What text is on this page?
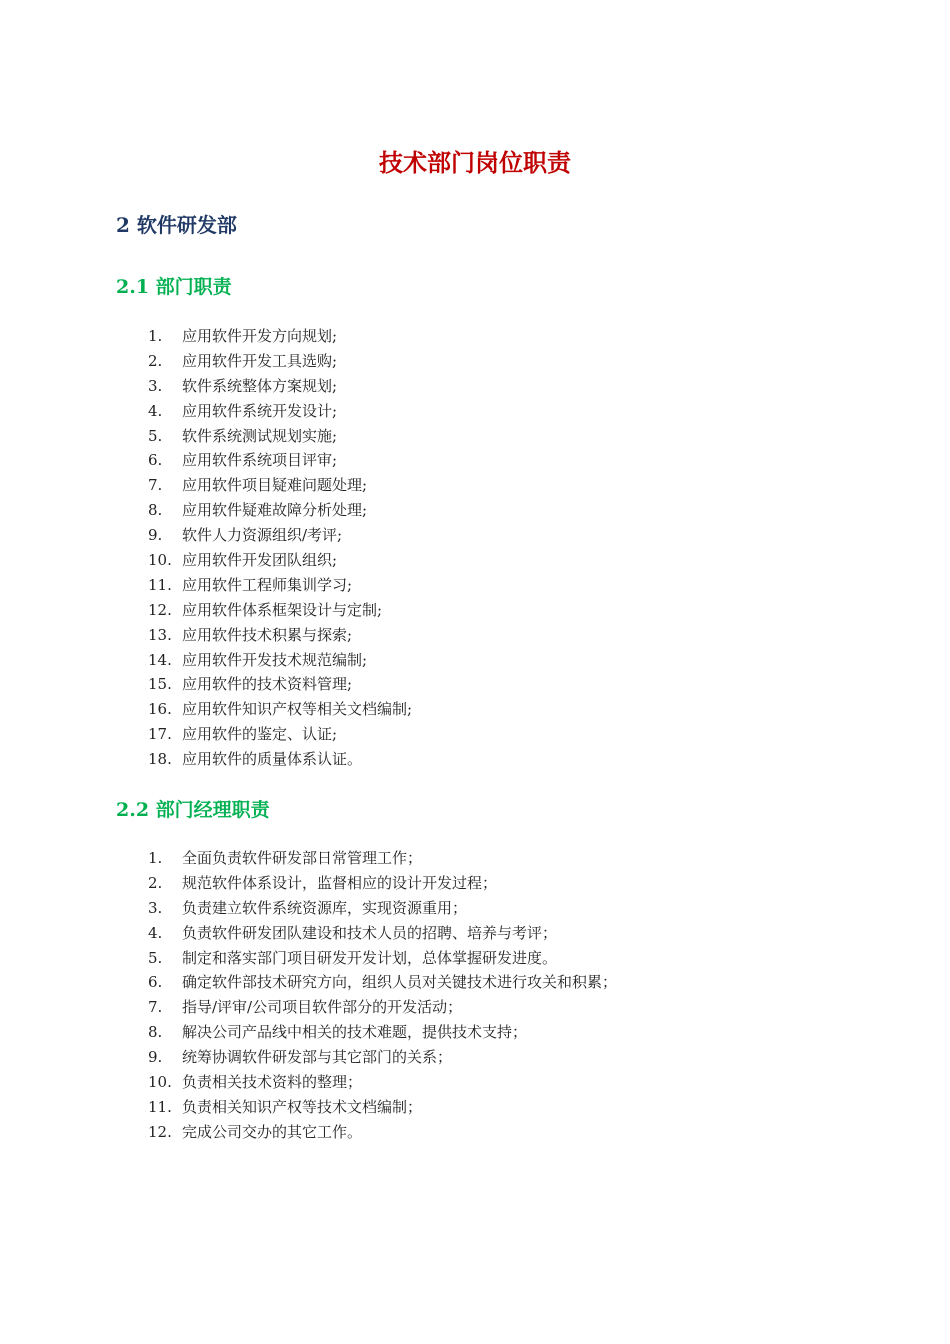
技术部门岗位职责
2 软件研发部
2.1 部门职责
1.	应用软件开发方向规划;
2.	应用软件开发工具选购;
3.	软件系统整体方案规划;
4.	应用软件系统开发设计;
5.	软件系统测试规划实施;
6.	应用软件系统项目评审;
7.	应用软件项目疑难问题处理;
8.	应用软件疑难故障分析处理;
9.	软件人力资源组织/考评;
10. 应用软件开发团队组织;
11. 应用软件工程师集训学习;
12. 应用软件体系框架设计与定制;
13. 应用软件技术积累与探索;
14. 应用软件开发技术规范编制;
15. 应用软件的技术资料管理;
16. 应用软件知识产权等相关文档编制;
17. 应用软件的鉴定、认证;
18. 应用软件的质量体系认证。
2.2 部门经理职责
1.	全面负责软件研发部日常管理工作；
2.	规范软件体系设计，监督相应的设计开发过程；
3.	负责建立软件系统资源库，实现资源重用；
4.	负责软件研发团队建设和技术人员的招聘、培养与考评；
5.	制定和落实部门项目研发开发计划，总体掌握研发进度。
6.	确定软件部技术研究方向，组织人员对关键技术进行攻关和积累；
7.	指导/评审/公司项目软件部分的开发活动；
8.	解决公司产品线中相关的技术难题，提供技术支持；
9.	统筹协调软件研发部与其它部门的关系；
10. 负责相关技术资料的整理；
11. 负责相关知识产权等技术文档编制；
12. 完成公司交办的其它工作。
